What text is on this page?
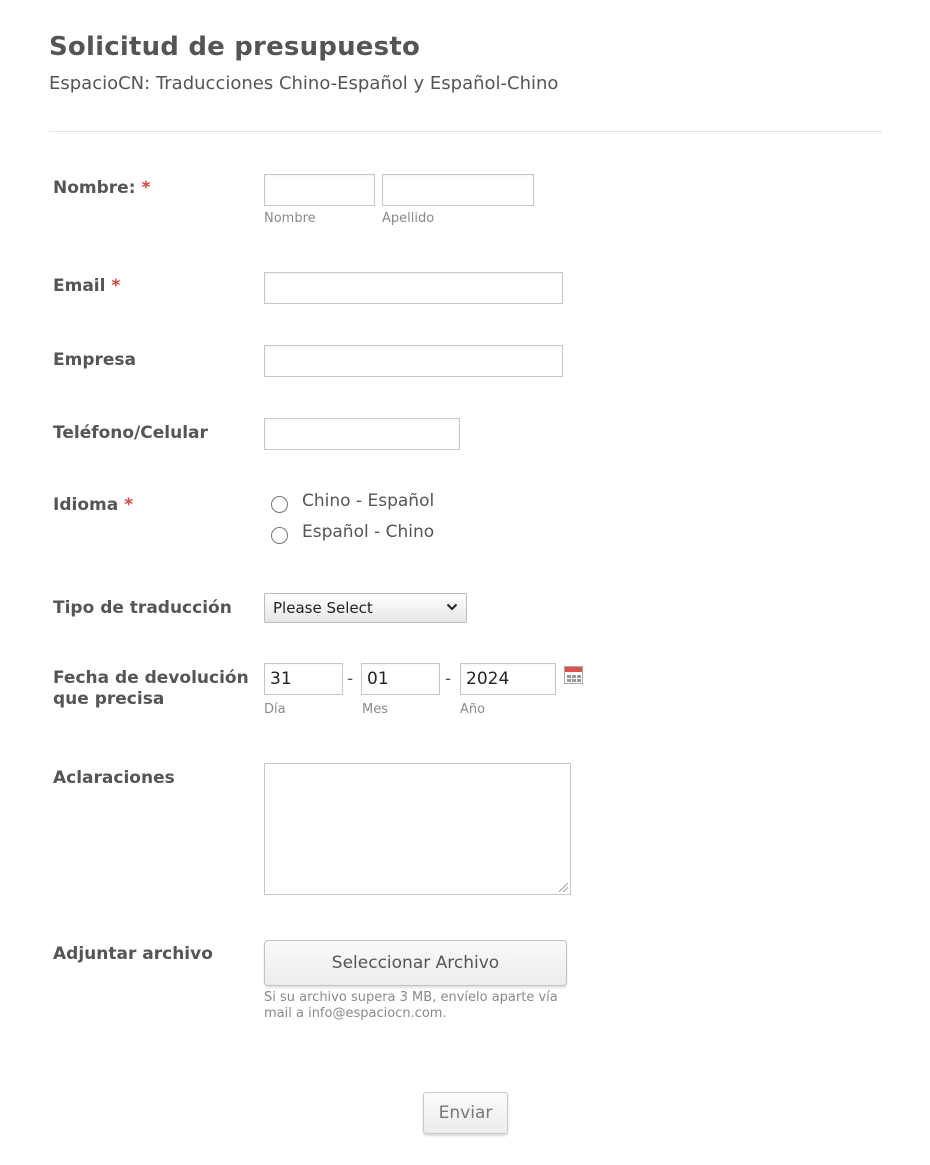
Solicitud de presupuesto
EspacioCN: Traducciones Chino-Español y Español-Chino
Nombre: *
Nombre	Apellido
Email *
Empresa
Teléfono/Celular
Idioma *	Chino - Español
Español - Chino
Tipo de traducción	Please Select
Fecha de devolución
que precisa
31	- 01	- 2024
Día	Mes	Año
Aclaraciones
Adjuntar archivo	Seleccionar Archivo
Si su archivo supera 3 MB, envíelo aparte vía mail a info@espaciocn.com.
Enviar
